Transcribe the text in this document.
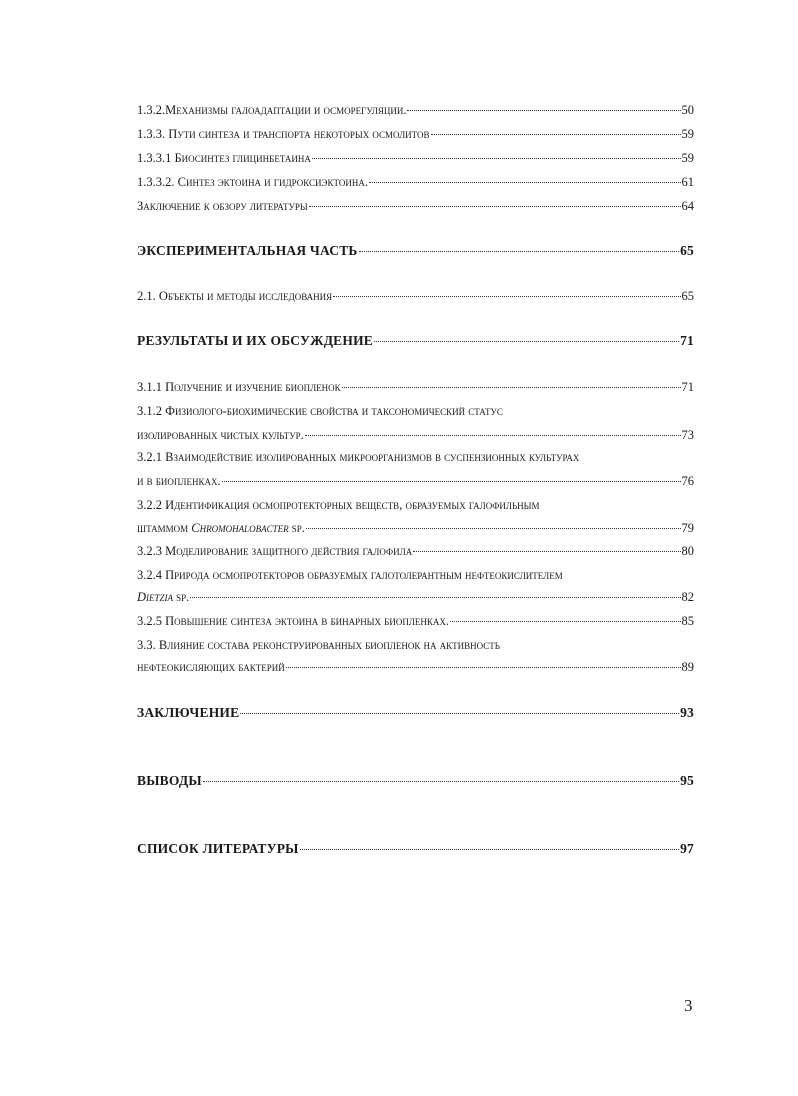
1.3.2.Механизмы галоадаптации и осморегуляции.	50
1.3.3. Пути синтеза и транспорта некоторых осмолитов	59
1.3.3.1 Биосинтез глицинбетаина	59
1.3.3.2. Синтез эктоина и гидроксиэктоина.	61
Заключение к обзору литературы	64
ЭКСПЕРИМЕНТАЛЬНАЯ ЧАСТЬ	65
2.1. Объекты и методы исследования	65
РЕЗУЛЬТАТЫ И ИХ ОБСУЖДЕНИЕ	71
3.1.1 Получение и изучение биопленок	71
3.1.2 Физиолого-биохимические свойства и таксономический статус
изолированных чистых культур.	73
3.2.1 Взаимодействие изолированных микроорганизмов в суспензионных культурах
и в биопленках.	76
3.2.2 Идентификация осмопротекторных веществ, образуемых галофильным
штаммом Chromohalobacter sp.	79
3.2.3 Моделирование защитного действия галофила	80
3.2.4 Природа осмопротекторов образуемых галотолерантным нефтеокислителем
Dietzia sp.	82
3.2.5 Повышение синтеза эктоина в бинарных биопленках.	85
3.3. Влияние состава реконструированных биопленок на активность
нефтеокисляющих бактерий	89
ЗАКЛЮЧЕНИЕ	93
ВЫВОДЫ	95
СПИСОК ЛИТЕРАТУРЫ	97
3
